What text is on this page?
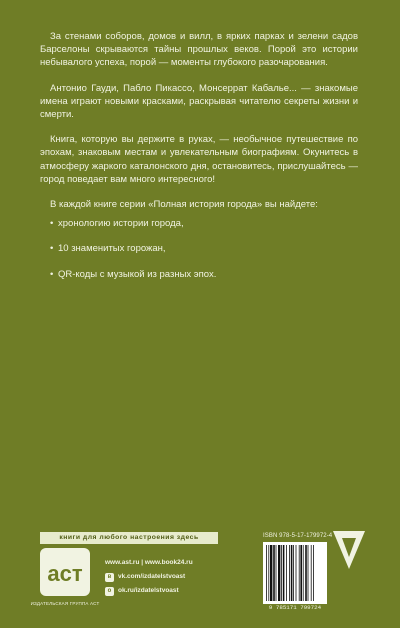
За стенами соборов, домов и вилл, в ярких парках и зелени садов Барселоны скрываются тайны прошлых веков. Порой это истории небывалого успеха, порой — моменты глубокого разочарования.

Антонио Гауди, Пабло Пикассо, Монсеррат Кабалье... — знакомые имена играют новыми красками, раскрывая читателю секреты жизни и смерти.

Книга, которую вы держите в руках, — необычное путешествие по эпохам, знаковым местам и увлекательным биографиям. Окунитесь в атмосферу жаркого каталонского дня, остановитесь, прислушайтесь — город поведает вам много интересного!

В каждой книге серии «Полная история города» вы найдете:

• хронологию истории города,
• 10 знаменитых горожан,
• QR-коды с музыкой из разных эпох.
книги для любого настроения здесь
аст
ИЗДАТЕЛЬСКАЯ ГРУППА АСТ
www.ast.ru | www.book24.ru
в	vk.com/izdatelstvoast
о	ok.ru/izdatelstvoast
ISBN 978-5-17-179972-4
9 785171 799724
